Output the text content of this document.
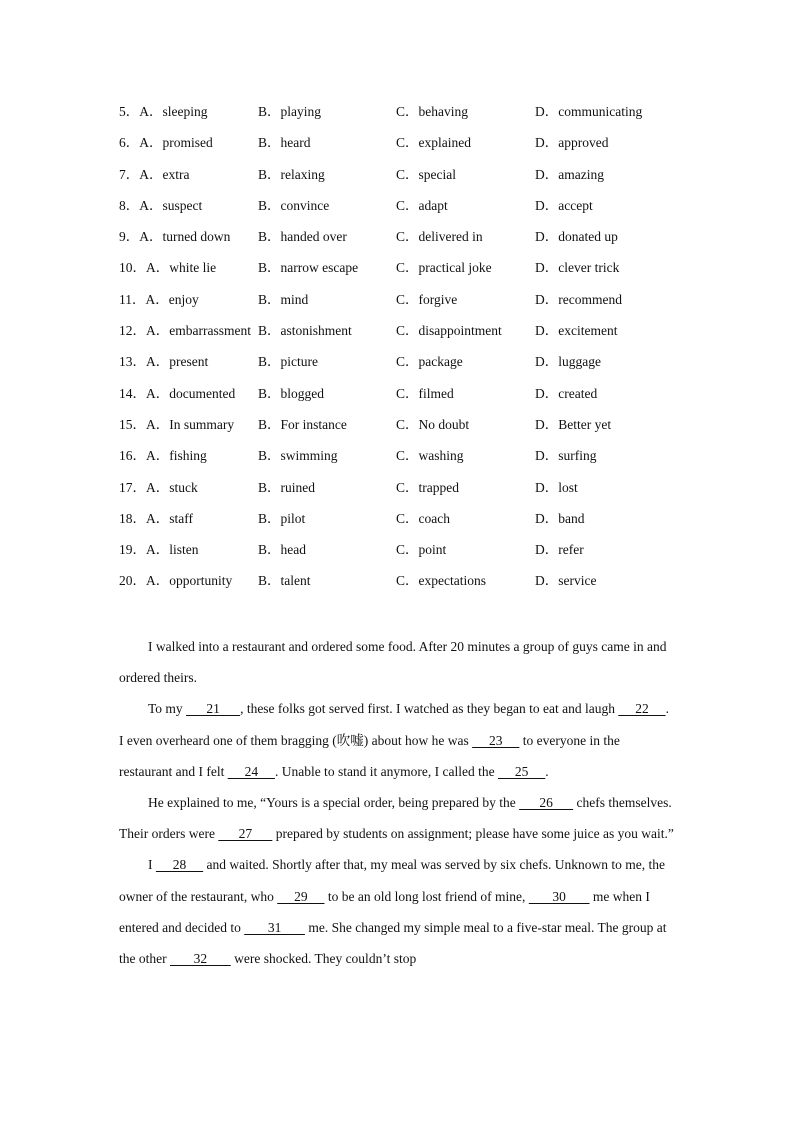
5．A．sleeping	B．playing	C．behaving	D．communicating
6．A．promised	B．heard	C．explained	D．approved
7．A．extra	B．relaxing	C．special	D．amazing
8．A．suspect	B．convince	C．adapt	D．accept
9．A．turned down B．handed over	C．delivered in	D．donated up
10．A．white lie	B．narrow escape	C．practical joke	D．clever trick
11．A．enjoy	B．mind	C．forgive	D．recommend
12．A．embarrassment B．astonishment	C．disappointment D．excitement
13．A．present	B．picture	C．package	D．luggage
14．A．documented B．blogged	C．filmed	D．created
15．A．In summary B．For instance	C．No doubt	D．Better yet
16．A．fishing	B．swimming	C．washing	D．surfing
17．A．stuck	B．ruined	C．trapped	D．lost
18．A．staff	B．pilot	C．coach	D．band
19．A．listen	B．head	C．point	D．refer
20．A．opportunity B．talent	C．expectations	D．service

I walked into a restaurant and ordered some food. After 20 minutes a group of guys came in and ordered theirs.

To my       21      , these folks got served first. I watched as they began to eat and laugh      22     . I even overheard one of them bragging (吹嘘) about how he was      23      to everyone in the restaurant and I felt      24     . Unable to stand it anymore, I called the      25     .

He explained to me, “Yours is a special order, being prepared by the       26       chefs themselves. Their orders were       27       prepared by students on assignment; please have some juice as you wait.”

I      28      and waited. Shortly after that, my meal was served by six chefs. Unknown to me, the owner of the restaurant, who      29      to be an old long lost friend of mine,        30        me when I entered and decided to        31        me. She changed my simple meal to a five-star meal. The group at the other        32        were shocked. They couldn’t stop
